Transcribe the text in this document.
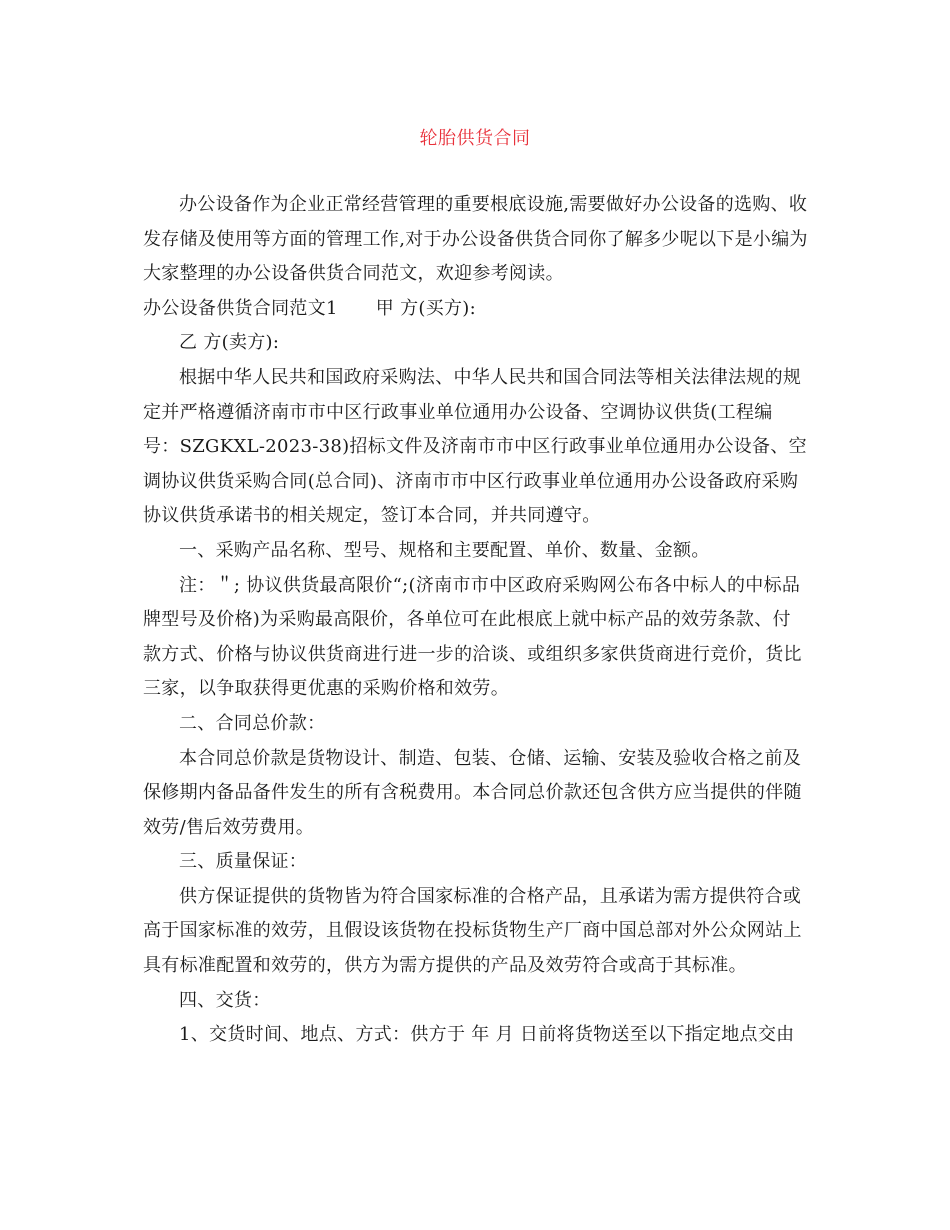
轮胎供货合同

办公设备作为企业正常经营管理的重要根底设施,需要做好办公设备的选购、收发存储及使用等方面的管理工作,对于办公设备供货合同你了解多少呢以下是小编为大家整理的办公设备供货合同范文，欢迎参考阅读。

办公设备供货合同范文1 甲 方(买方):

乙 方(卖方):

根据中华人民共和国政府采购法、中华人民共和国合同法等相关法律法规的规定并严格遵循济南市市中区行政事业单位通用办公设备、空调协议供货(工程编号：SZGKXL-2023-38)招标文件及济南市市中区行政事业单位通用办公设备、空调协议供货采购合同(总合同)、济南市市中区行政事业单位通用办公设备政府采购协议供货承诺书的相关规定，签订本合同，并共同遵守。

一、采购产品名称、型号、规格和主要配置、单价、数量、金额。

注：＂; 协议供货最高限价“;(济南市市中区政府采购网公布各中标人的中标品牌型号及价格)为采购最高限价，各单位可在此根底上就中标产品的效劳条款、付款方式、价格与协议供货商进行进一步的洽谈、或组织多家供货商进行竞价，货比三家，以争取获得更优惠的采购价格和效劳。

二、合同总价款：

本合同总价款是货物设计、制造、包装、仓储、运输、安装及验收合格之前及保修期内备品备件发生的所有含税费用。本合同总价款还包含供方应当提供的伴随效劳/售后效劳费用。

三、质量保证：

供方保证提供的货物皆为符合国家标准的合格产品，且承诺为需方提供符合或高于国家标准的效劳，且假设该货物在投标货物生产厂商中国总部对外公众网站上具有标准配置和效劳的，供方为需方提供的产品及效劳符合或高于其标准。

四、交货：

1、交货时间、地点、方式：供方于 年 月 日前将货物送至以下指定地点交由
